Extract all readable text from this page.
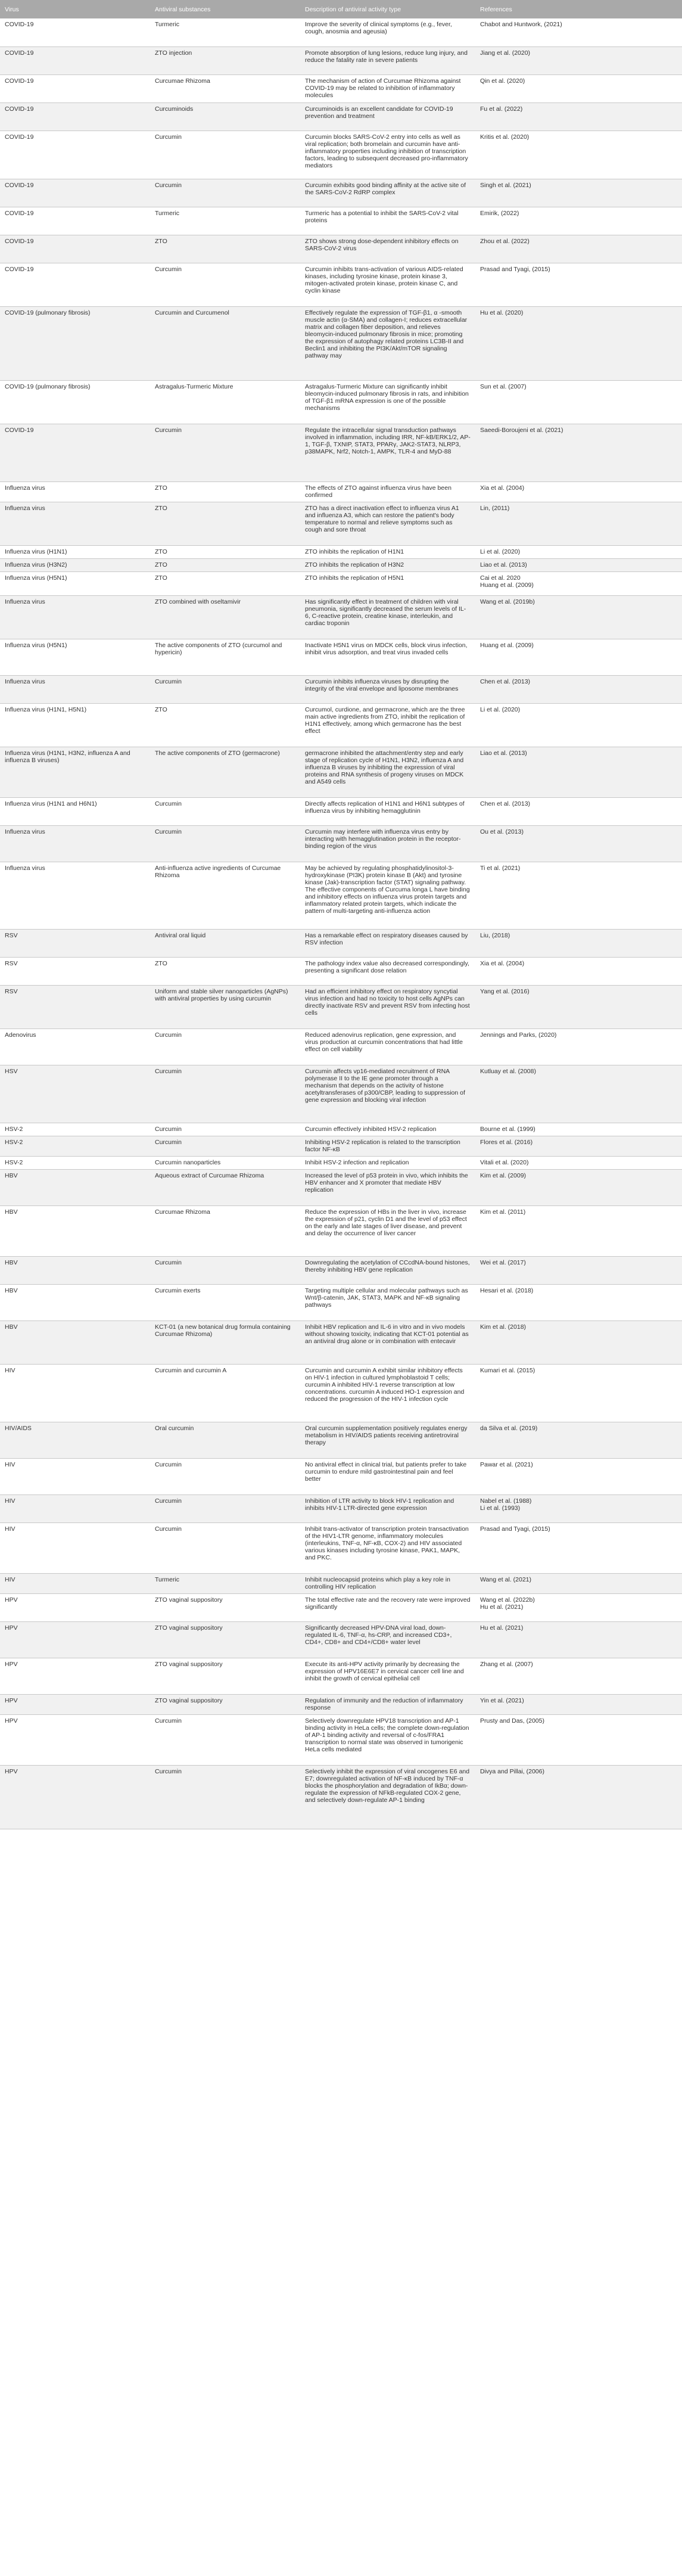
Virus	Antiviral substances	Description of antiviral activity type	References
COVID-19	Turmeric	Improve the severity of clinical symptoms (e.g., fever, cough, anosmia and ageusia)	Chabot and Huntwork, (2021)

COVID-19	ZTO injection	Promote absorption of lung lesions, reduce lung injury, and reduce the fatality rate in severe patients	Jiang et al. (2020)

COVID-19	Curcumae Rhizoma	The mechanism of action of Curcumae Rhizoma against COVID-19 may be related to inhibition of inflammatory molecules	Qin et al. (2020)

COVID-19	Curcuminoids	Curcuminoids is an excellent candidate for COVID-19 prevention and treatment	Fu et al. (2022)

COVID-19	Curcumin	Curcumin blocks SARS-CoV-2 entry into cells as well as viral replication; both bromelain and curcumin have anti-inflammatory properties including inhibition of transcription factors, leading to subsequent decreased pro-inflammatory mediators	Kritis et al. (2020)

COVID-19	Curcumin	Curcumin exhibits good binding affinity at the active site of the SARS-CoV-2 RdRP complex	Singh et al. (2021)

COVID-19	Turmeric	Turmeric has a potential to inhibit the SARS-CoV-2 vital proteins	Emirik, (2022)

COVID-19	ZTO	ZTO shows strong dose-dependent inhibitory effects on SARS-CoV-2 virus	Zhou et al. (2022)

COVID-19	Curcumin	Curcumin inhibits trans-activation of various AIDS-related kinases, including tyrosine kinase, protein kinase 3, mitogen-activated protein kinase, protein kinase C, and cyclin kinase	Prasad and Tyagi, (2015)

COVID-19 (pulmonary fibrosis)	Curcumin and Curcumenol	Effectively regulate the expression of TGF-β1, α -smooth muscle actin (α-SMA) and collagen-I; reduces extracellular matrix and collagen fiber deposition, and relieves bleomycin-induced pulmonary fibrosis in mice; promoting the expression of autophagy related proteins LC3B-II and Beclin1 and inhibiting the PI3K/Akt/mTOR signaling pathway may	Hu et al. (2020)

COVID-19 (pulmonary fibrosis)	Astragalus-Turmeric Mixture	Astragalus-Turmeric Mixture can significantly inhibit bleomycin-induced pulmonary fibrosis in rats, and inhibition of TGF-β1 mRNA expression is one of the possible mechanisms	Sun et al. (2007)

COVID-19	Curcumin	Regulate the intracellular signal transduction pathways involved in inflammation, including IRR, NF-kB/ERK1/2, AP-1, TGF-β, TXNIP, STAT3, PPARγ, JAK2-STAT3, NLRP3, p38MAPK, Nrf2, Notch-1, AMPK, TLR-4 and MyD-88	Saeedi-Boroujeni et al. (2021)

Influenza virus	ZTO	The effects of ZTO against influenza virus have been confirmed	Xia et al. (2004)

Influenza virus	ZTO	ZTO has a direct inactivation effect to influenza virus A1 and influenza A3, which can restore the patient's body temperature to normal and relieve symptoms such as cough and sore throat	Lin, (2011)

Influenza virus (H1N1)	ZTO	ZTO inhibits the replication of H1N1	Li et al. (2020)

Influenza virus (H3N2)	ZTO	ZTO inhibits the replication of H3N2	Liao et al. (2013)

Influenza virus (H5N1)	ZTO	ZTO inhibits the replication of H5N1	Cai et al. 2020
Huang et al. (2009)

Influenza virus	ZTO combined with oseltamivir	Has significantly effect in treatment of children with viral pneumonia, significantly decreased the serum levels of IL-6, C-reactive protein, creatine kinase, interleukin, and cardiac troponin	Wang et al. (2019b)

Influenza virus (H5N1)	The active components of ZTO (curcumol and hypericin)	Inactivate H5N1 virus on MDCK cells, block virus infection, inhibit virus adsorption, and treat virus invaded cells	Huang et al. (2009)

Influenza virus	Curcumin	Curcumin inhibits influenza viruses by disrupting the integrity of the viral envelope and liposome membranes	Chen et al. (2013)

Influenza virus (H1N1, H5N1)	ZTO	Curcumol, curdione, and germacrone, which are the three main active ingredients from ZTO, inhibit the replication of H1N1 effectively, among which germacrone has the best effect	Li et al. (2020)

Influenza virus (H1N1, H3N2, influenza A and influenza B viruses)	The active components of ZTO (germacrone)	germacrone inhibited the attachment/entry step and early stage of replication cycle of H1N1, H3N2, influenza A and influenza B viruses by inhibiting the expression of viral proteins and RNA synthesis of progeny viruses on MDCK and A549 cells	Liao et al. (2013)

Influenza virus (H1N1 and H6N1)	Curcumin	Directly affects replication of H1N1 and H6N1 subtypes of influenza virus by inhibiting hemagglutinin	Chen et al. (2013)

Influenza virus	Curcumin	Curcumin may interfere with influenza virus entry by interacting with hemagglutination protein in the receptor-binding region of the virus	Ou et al. (2013)

Influenza virus	Anti-influenza active ingredients of Curcumae Rhizoma	May be achieved by regulating phosphatidylinositol-3-hydroxykinase (PI3K) protein kinase B (Akt) and tyrosine kinase (Jak)-transcription factor (STAT) signaling pathway. The effective components of Curcuma longa L have binding and inhibitory effects on influenza virus protein targets and inflammatory related protein targets, which indicate the pattern of multi-targeting anti-influenza action	Ti et al. (2021)

RSV	Antiviral oral liquid	Has a remarkable effect on respiratory diseases caused by RSV infection	Liu, (2018)

RSV	ZTO	The pathology index value also decreased correspondingly, presenting a significant dose relation	Xia et al. (2004)

RSV	Uniform and stable silver nanoparticles (AgNPs) with antiviral properties by using curcumin	Had an efficient inhibitory effect on respiratory syncytial virus infection and had no toxicity to host cells AgNPs can directly inactivate RSV and prevent RSV from infecting host cells	Yang et al. (2016)

Adenovirus	Curcumin	Reduced adenovirus replication, gene expression, and virus production at curcumin concentrations that had little effect on cell viability	Jennings and Parks, (2020)

HSV	Curcumin	Curcumin affects vp16-mediated recruitment of RNA polymerase II to the IE gene promoter through a mechanism that depends on the activity of histone acetyltransferases of p300/CBP, leading to suppression of gene expression and blocking viral infection	Kutluay et al. (2008)

HSV-2	Curcumin	Curcumin effectively inhibited HSV-2 replication	Bourne et al. (1999)

HSV-2	Curcumin	Inhibiting HSV-2 replication is related to the transcription factor NF-κB	Flores et al. (2016)

HSV-2	Curcumin nanoparticles	Inhibit HSV-2 infection and replication	Vitali et al. (2020)

HBV	Aqueous extract of Curcumae Rhizoma	Increased the level of p53 protein in vivo, which inhibits the HBV enhancer and X promoter that mediate HBV replication	Kim et al. (2009)

HBV	Curcumae Rhizoma	Reduce the expression of HBs in the liver in vivo, increase the expression of p21, cyclin D1 and the level of p53 effect on the early and late stages of liver disease, and prevent and delay the occurrence of liver cancer	Kim et al. (2011)

HBV	Curcumin	Downregulating the acetylation of CCcdNA-bound histones, thereby inhibiting HBV gene replication	Wei et al. (2017)

HBV	Curcumin exerts	Targeting multiple cellular and molecular pathways such as Wnt/β-catenin, JAK, STAT3, MAPK and NF-κB signaling pathways	Hesari et al. (2018)

HBV	KCT-01 (a new botanical drug formula containing Curcumae Rhizoma)	Inhibit HBV replication and IL-6 in vitro and in vivo models without showing toxicity, indicating that KCT-01 potential as an antiviral drug alone or in combination with entecavir	Kim et al. (2018)

HIV	Curcumin and curcumin A	Curcumin and curcumin A exhibit similar inhibitory effects on HIV-1 infection in cultured lymphoblastoid T cells; curcumin A inhibited HIV-1 reverse transcription at low concentrations. curcumin A induced HO-1 expression and reduced the progression of the HIV-1 infection cycle	Kumari et al. (2015)

HIV/AIDS	Oral curcumin	Oral curcumin supplementation positively regulates energy metabolism in HIV/AIDS patients receiving antiretroviral therapy	da Silva et al. (2019)

HIV	Curcumin	No antiviral effect in clinical trial, but patients prefer to take curcumin to endure mild gastrointestinal pain and feel better	Pawar et al. (2021)

HIV	Curcumin	Inhibition of LTR activity to block HIV-1 replication and inhibits HIV-1 LTR-directed gene expression	Nabel et al. (1988)
Li et al. (1993)

HIV	Curcumin	Inhibit trans-activator of transcription protein transactivation of the HIV1-LTR genome, inflammatory molecules (interleukins, TNF-α, NF-κB, COX-2) and HIV associated various kinases including tyrosine kinase, PAK1, MAPK, and PKC.	Prasad and Tyagi, (2015)

HIV	Turmeric	Inhibit nucleocapsid proteins which play a key role in controlling HIV replication	Wang et al. (2021)

HPV	ZTO vaginal suppository	The total effective rate and the recovery rate were improved significantly	Wang et al. (2022b)
Hu et al. (2021)

HPV	ZTO vaginal suppository	Significantly decreased HPV-DNA viral load, down-regulated IL-6, TNF-α, hs-CRP, and increased CD3+, CD4+, CD8+ and CD4+/CD8+ water level	Hu et al. (2021)

HPV	ZTO vaginal suppository	Execute its anti-HPV activity primarily by decreasing the expression of HPV16E6E7 in cervical cancer cell line and inhibit the growth of cervical epithelial cell	Zhang et al. (2007)

HPV	ZTO vaginal suppository	Regulation of immunity and the reduction of inflammatory response	Yin et al. (2021)

HPV	Curcumin	Selectively downregulate HPV18 transcription and AP-1 binding activity in HeLa cells; the complete down-regulation of AP-1 binding activity and reversal of c-fos/FRA1 transcription to normal state was observed in tumorigenic HeLa cells mediated	Prusty and Das, (2005)

HPV	Curcumin	Selectively inhibit the expression of viral oncogenes E6 and E7; downregulated activation of NF-κB induced by TNF-α blocks the phosphorylation and degradation of IkBα; down-regulate the expression of NFkB-regulated COX-2 gene, and selectively down-regulate AP-1 binding	Divya and Pillai, (2006)
